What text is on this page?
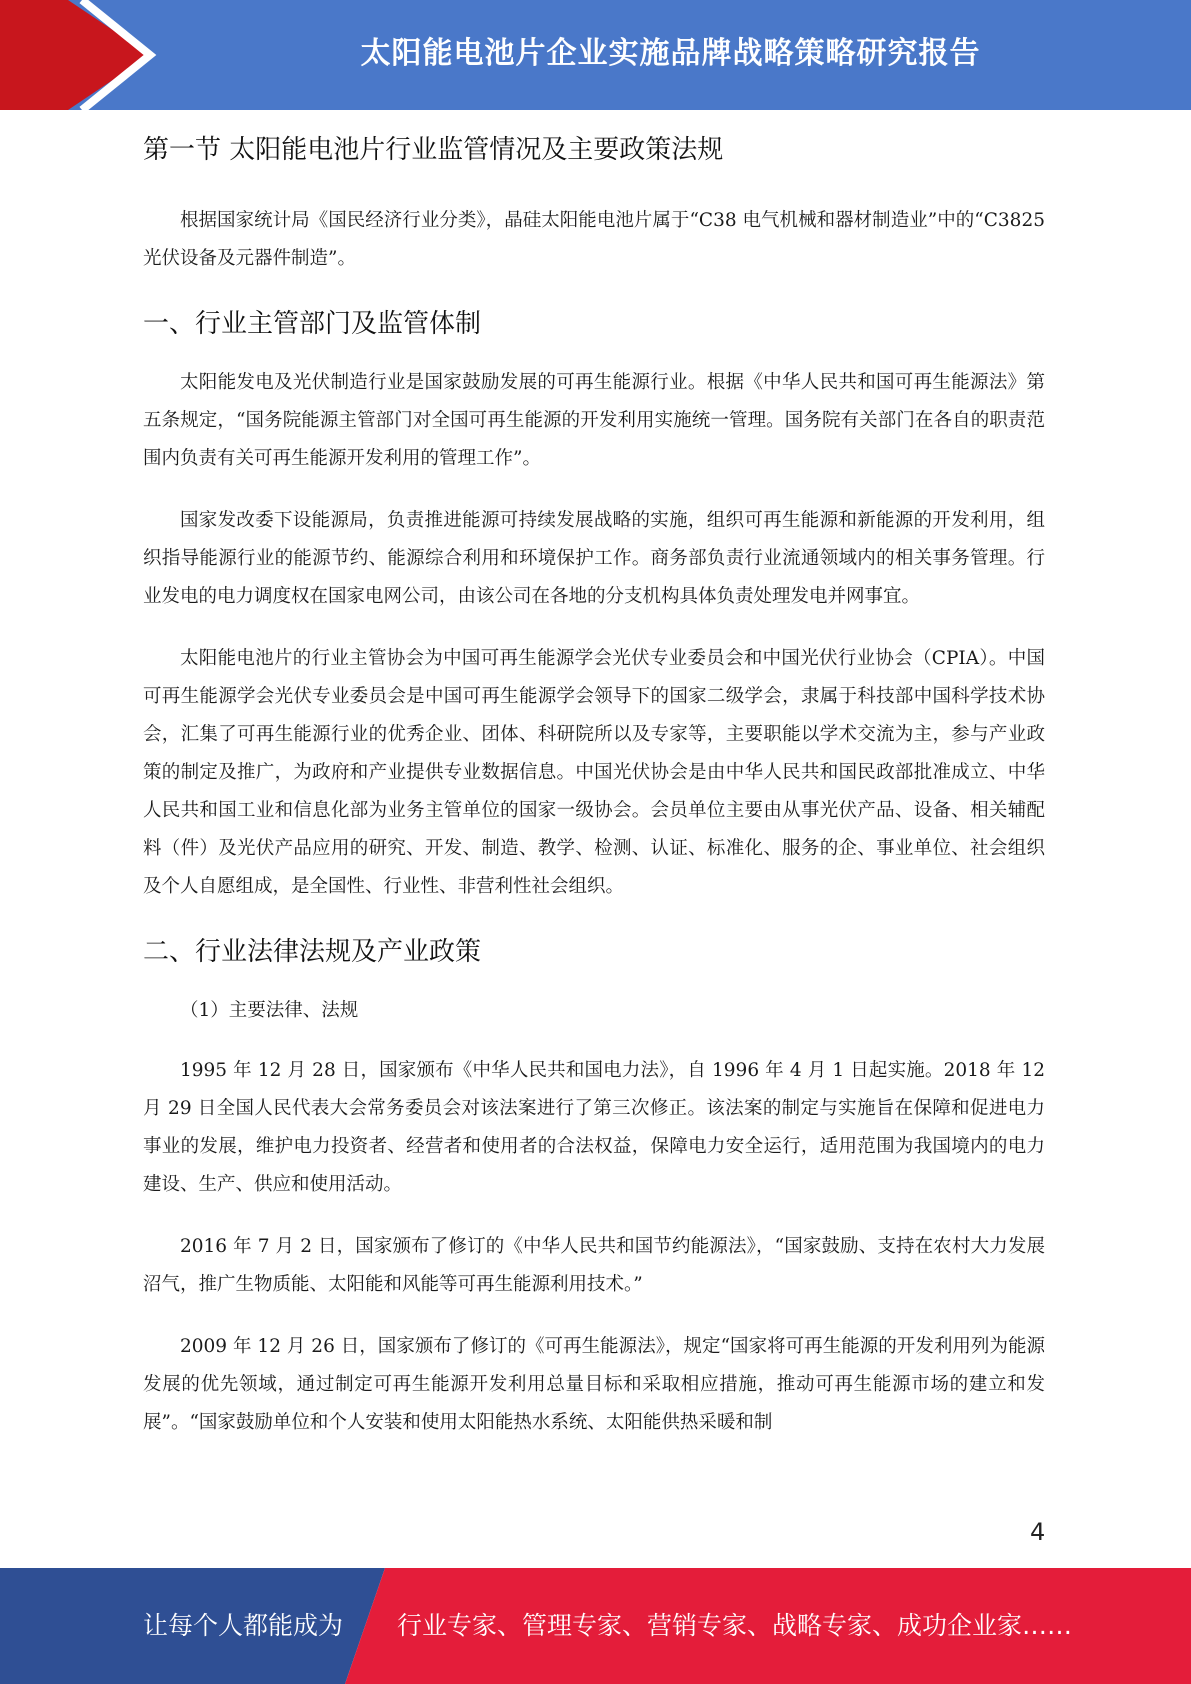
太阳能电池片企业实施品牌战略策略研究报告
第一节 太阳能电池片行业监管情况及主要政策法规

根据国家统计局《国民经济行业分类》，晶硅太阳能电池片属于“C38 电气机械和器材制造业”中的“C3825 光伏设备及元器件制造”。

一、行业主管部门及监管体制

太阳能发电及光伏制造行业是国家鼓励发展的可再生能源行业。根据《中华人民共和国可再生能源法》第五条规定，“国务院能源主管部门对全国可再生能源的开发利用实施统一管理。国务院有关部门在各自的职责范围内负责有关可再生能源开发利用的管理工作”。

国家发改委下设能源局，负责推进能源可持续发展战略的实施，组织可再生能源和新能源的开发利用，组织指导能源行业的能源节约、能源综合利用和环境保护工作。商务部负责行业流通领域内的相关事务管理。行业发电的电力调度权在国家电网公司，由该公司在各地的分支机构具体负责处理发电并网事宜。

太阳能电池片的行业主管协会为中国可再生能源学会光伏专业委员会和中国光伏行业协会（CPIA）。中国可再生能源学会光伏专业委员会是中国可再生能源学会领导下的国家二级学会，隶属于科技部中国科学技术协会，汇集了可再生能源行业的优秀企业、团体、科研院所以及专家等，主要职能以学术交流为主，参与产业政策的制定及推广，为政府和产业提供专业数据信息。中国光伏协会是由中华人民共和国民政部批准成立、中华人民共和国工业和信息化部为业务主管单位的国家一级协会。会员单位主要由从事光伏产品、设备、相关辅配料（件）及光伏产品应用的研究、开发、制造、教学、检测、认证、标准化、服务的企、事业单位、社会组织及个人自愿组成，是全国性、行业性、非营利性社会组织。

二、行业法律法规及产业政策

（1）主要法律、法规

1995 年 12 月 28 日，国家颁布《中华人民共和国电力法》，自 1996 年 4 月 1 日起实施。2018 年 12 月 29 日全国人民代表大会常务委员会对该法案进行了第三次修正。该法案的制定与实施旨在保障和促进电力事业的发展，维护电力投资者、经营者和使用者的合法权益，保障电力安全运行，适用范围为我国境内的电力建设、生产、供应和使用活动。

2016 年 7 月 2 日，国家颁布了修订的《中华人民共和国节约能源法》，“国家鼓励、支持在农村大力发展沼气，推广生物质能、太阳能和风能等可再生能源利用技术。”

2009 年 12 月 26 日，国家颁布了修订的《可再生能源法》，规定“国家将可再生能源的开发利用列为能源发展的优先领域，通过制定可再生能源开发利用总量目标和采取相应措施，推动可再生能源市场的建立和发展”。“国家鼓励单位和个人安装和使用太阳能热水系统、太阳能供热采暖和制

4
让每个人都能成为 行业专家、管理专家、营销专家、战略专家、成功企业家……
